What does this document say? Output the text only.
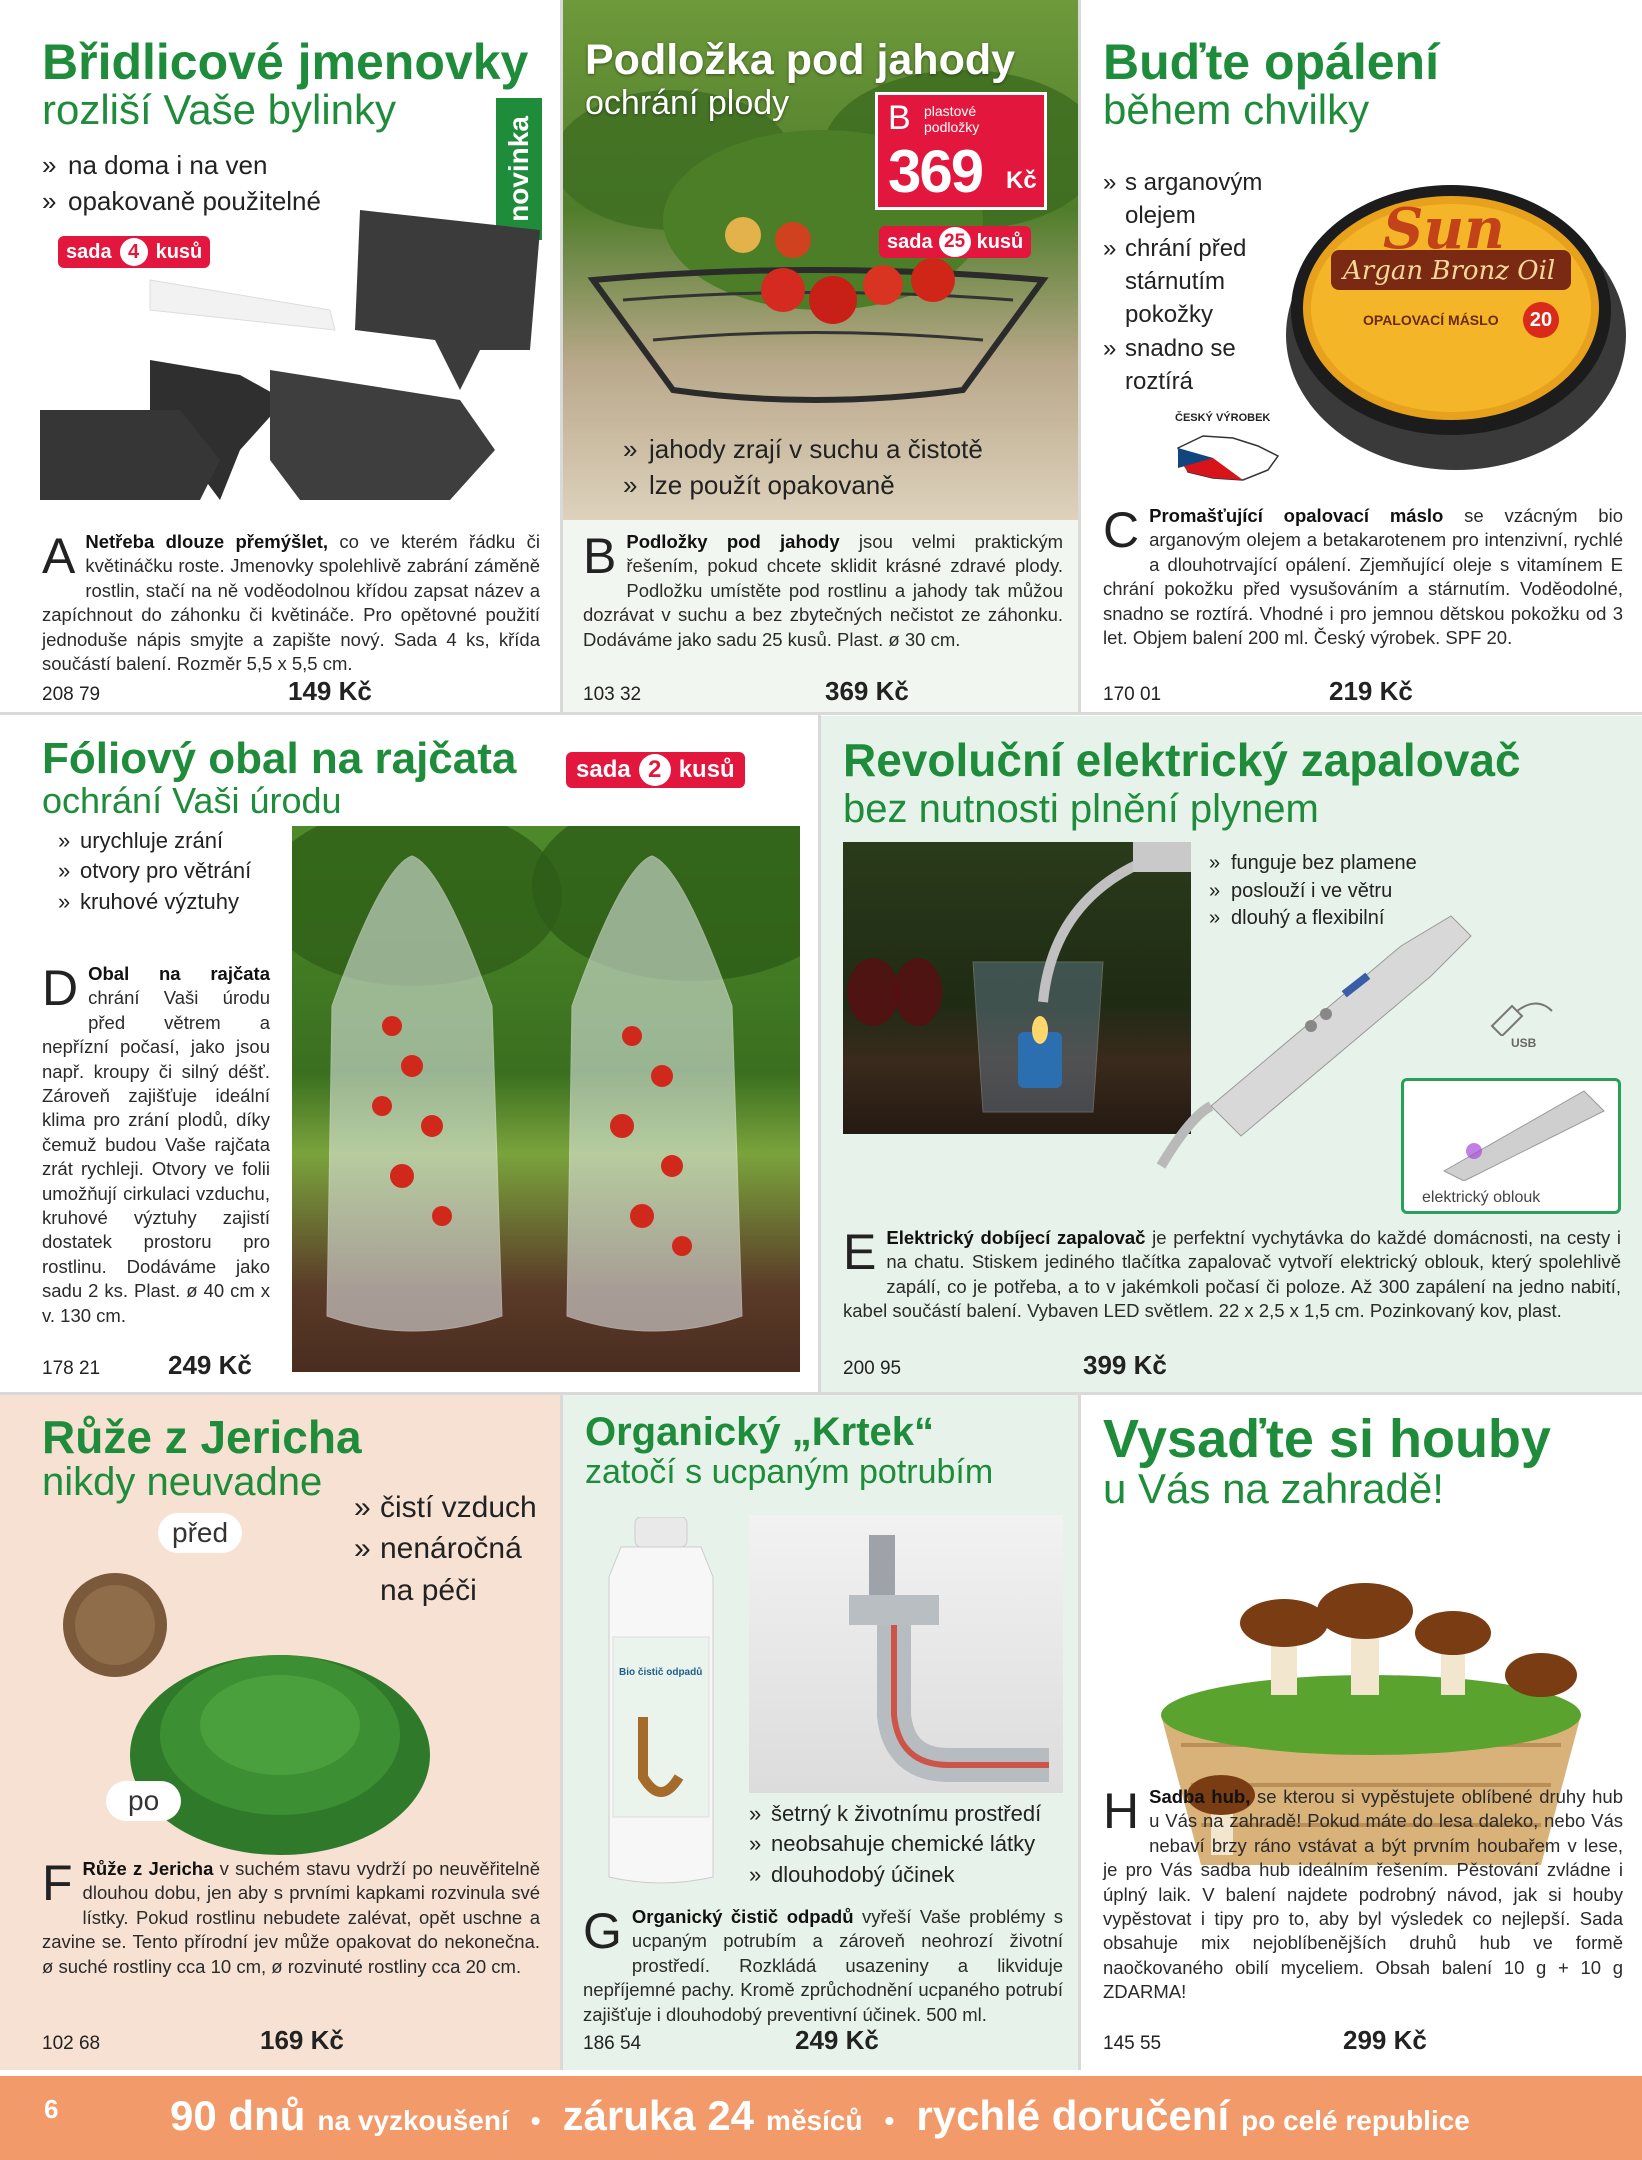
Břidlicové jmenovky
rozliší Vaše bylinky
» na doma i na ven
» opakovaně použitelné	novinka
sada 4 kusů
A Netřeba dlouze přemýšlet, co ve kterém řádku či květináčku roste. Jmenovky spolehlivě zabrání záměně rostlin, stačí na ně voděodolnou křídou zapsat název a zapíchnout do záhonku či květináče. Pro opětovné použití jednoduše nápis smyjte a zapište nový. Sada 4 ks, křída součástí balení. Rozměr 5,5 x 5,5 cm.
208 79	149 Kč
Podložka pod jahody
ochrání plody	B plastové
podložky
369 Kč
sada 25 kusů
» jahody zrají v suchu a čistotě
» lze použít opakovaně
B Podložky pod jahody jsou velmi praktickým řešením, pokud chcete sklidit krásné zdravé plody. Podložku umístěte pod rostlinu a jahody tak můžou dozrávat v suchu a bez zbytečných nečistot ze záhonku. Dodáváme jako sadu 25 kusů. Plast. ø 30 cm.
103 32	369 Kč
Buďte opálení
během chvilky
» s arganovým olejem
» chrání před stárnutím pokožky
» snadno se roztírá
Sun
Argan Bronz Oil
OPALOVACÍ MÁSLO	20
ČESKÝ VÝROBEK
C Promašťující opalovací máslo se vzácným bio arganovým olejem a betakarotenem pro intenzivní, rychlé a dlouhotrvající opálení. Zjemňující oleje s vitamínem E chrání pokožku před vysušováním a stárnutím. Voděodolné, snadno se roztírá. Vhodné i pro jemnou dětskou pokožku od 3 let. Objem balení 200 ml. Český výrobek. SPF 20.
170 01	219 Kč
Fóliový obal na rajčata
ochrání Vaši úrodu
sada 2 kusů
» urychluje zrání
» otvory pro větrání
» kruhové výztuhy
D Obal na rajčata chrání Vaši úrodu před větrem a nepřízní počasí, jako jsou např. kroupy či silný déšť. Zároveň zajišťuje ideální klima pro zrání plodů, díky čemuž budou Vaše rajčata zrát rychleji. Otvory ve folii umožňují cirkulaci vzduchu, kruhové výztuhy zajistí dostatek prostoru pro rostlinu. Dodáváme jako sadu 2 ks. Plast. ø 40 cm x v. 130 cm.
178 21	249 Kč
Revoluční elektrický zapalovač
bez nutnosti plnění plynem
» funguje bez plamene
» poslouží i ve větru
» dlouhý a flexibilní
USB
elektrický oblouk
E Elektrický dobíjecí zapalovač je perfektní vychytávka do každé domácnosti, na cesty i na chatu. Stiskem jediného tlačítka zapalovač vytvoří elektrický oblouk, který spolehlivě zapálí, co je potřeba, a to v jakémkoli počasí či poloze. Až 300 zapálení na jedno nabití, kabel součástí balení. Vybaven LED světlem. 22 x 2,5 x 1,5 cm. Pozinkovaný kov, plast.
200 95	399 Kč
Růže z Jericha
nikdy neuvadne
» čistí vzduch
» nenáročná na péči
před
po
F Růže z Jericha v suchém stavu vydrží po neuvěřitelně dlouhou dobu, jen aby s prvními kapkami rozvinula své lístky. Pokud rostlinu nebudete zalévat, opět uschne a zavine se. Tento přírodní jev může opakovat do nekonečna. ø suché rostliny cca 10 cm, ø rozvinuté rostliny cca 20 cm.
102 68	169 Kč
Organický „Krtek“
zatočí s ucpaným potrubím
Bio čistič odpadů
» šetrný k životnímu prostředí
» neobsahuje chemické látky
» dlouhodobý účinek
G Organický čistič odpadů vyřeší Vaše problémy s ucpaným potrubím a zároveň neohrozí životní prostředí. Rozkládá usazeniny a likviduje nepříjemné pachy. Kromě zprůchodnění ucpaného potrubí zajišťuje i dlouhodobý preventivní účinek. 500 ml.
186 54	249 Kč
Vysaďte si houby
u Vás na zahradě!
H Sadba hub, se kterou si vypěstujete oblíbené druhy hub u Vás na zahradě! Pokud máte do lesa daleko, nebo Vás nebaví brzy ráno vstávat a být prvním houbařem v lese, je pro Vás sadba hub ideálním řešením. Pěstování zvládne i úplný laik. V balení najdete podrobný návod, jak si houby vypěstovat i tipy pro to, aby byl výsledek co nejlepší. Sada obsahuje mix nejoblíbenějších druhů hub ve formě naočkovaného obilí myceliem. Obsah balení 10 g + 10 g ZDARMA!
145 55	299 Kč
6	90 dnů na vyzkoušení • záruka 24 měsíců • rychlé doručení po celé republice
